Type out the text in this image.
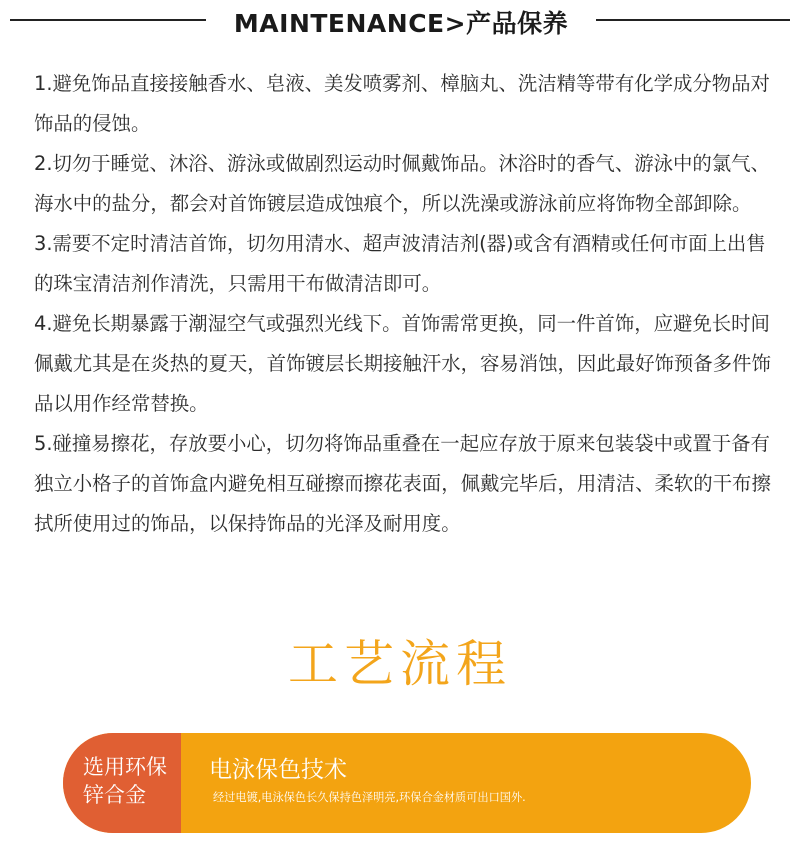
MAINTENANCE>产品保养

1.避免饰品直接接触香水、皂液、美发喷雾剂、樟脑丸、洗洁精等带有化学成分物品对饰品的侵蚀。

2.切勿于睡觉、沐浴、游泳或做剧烈运动时佩戴饰品。沐浴时的香气、游泳中的氯气、海水中的盐分，都会对首饰镀层造成蚀痕个，所以洗澡或游泳前应将饰物全部卸除。

3.需要不定时清洁首饰，切勿用清水、超声波清洁剂(器)或含有酒精或任何市面上出售的珠宝清洁剂作清洗，只需用干布做清洁即可。

4.避免长期暴露于潮湿空气或强烈光线下。首饰需常更换，同一件首饰，应避免长时间佩戴尤其是在炎热的夏天，首饰镀层长期接触汗水，容易消蚀，因此最好饰预备多件饰品以用作经常替换。

5.碰撞易擦花，存放要小心，切勿将饰品重叠在一起应存放于原来包装袋中或置于备有独立小格子的首饰盒内避免相互碰擦而擦花表面，佩戴完毕后，用清洁、柔软的干布擦拭所使用过的饰品，以保持饰品的光泽及耐用度。

工艺流程
选用环保锌合金
电泳保色技术
经过电镀,电泳保色长久保持色泽明亮,环保合金材质可出口国外.
